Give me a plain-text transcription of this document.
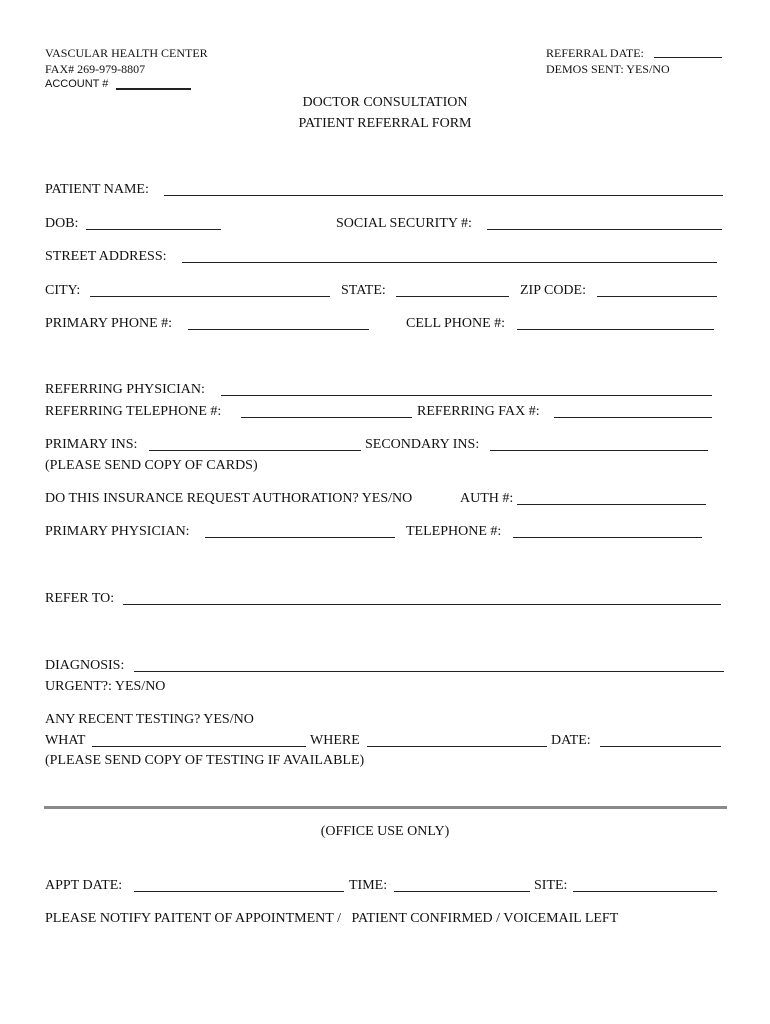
VASCULAR HEALTH CENTER
FAX# 269-979-8807
ACCOUNT #
REFERRAL DATE:
DEMOS SENT: YES/NO
DOCTOR CONSULTATION
PATIENT REFERRAL FORM
PATIENT NAME:
DOB:	SOCIAL SECURITY #:
STREET ADDRESS:
CITY:	STATE:	ZIP CODE:
PRIMARY PHONE #:	CELL PHONE #:
REFERRING PHYSICIAN:
REFERRING TELEPHONE #:	REFERRING FAX #:
PRIMARY INS:	SECONDARY INS:
(PLEASE SEND COPY OF CARDS)
DO THIS INSURANCE REQUEST AUTHORATION? YES/NO	AUTH #:
PRIMARY PHYSICIAN:	TELEPHONE #:
REFER TO:
DIAGNOSIS:
URGENT?: YES/NO
ANY RECENT TESTING? YES/NO
WHAT	WHERE	DATE:
(PLEASE SEND COPY OF TESTING IF AVAILABLE)
(OFFICE USE ONLY)
APPT DATE:	TIME:	SITE:
PLEASE NOTIFY PAITENT OF APPOINTMENT /   PATIENT CONFIRMED / VOICEMAIL LEFT
